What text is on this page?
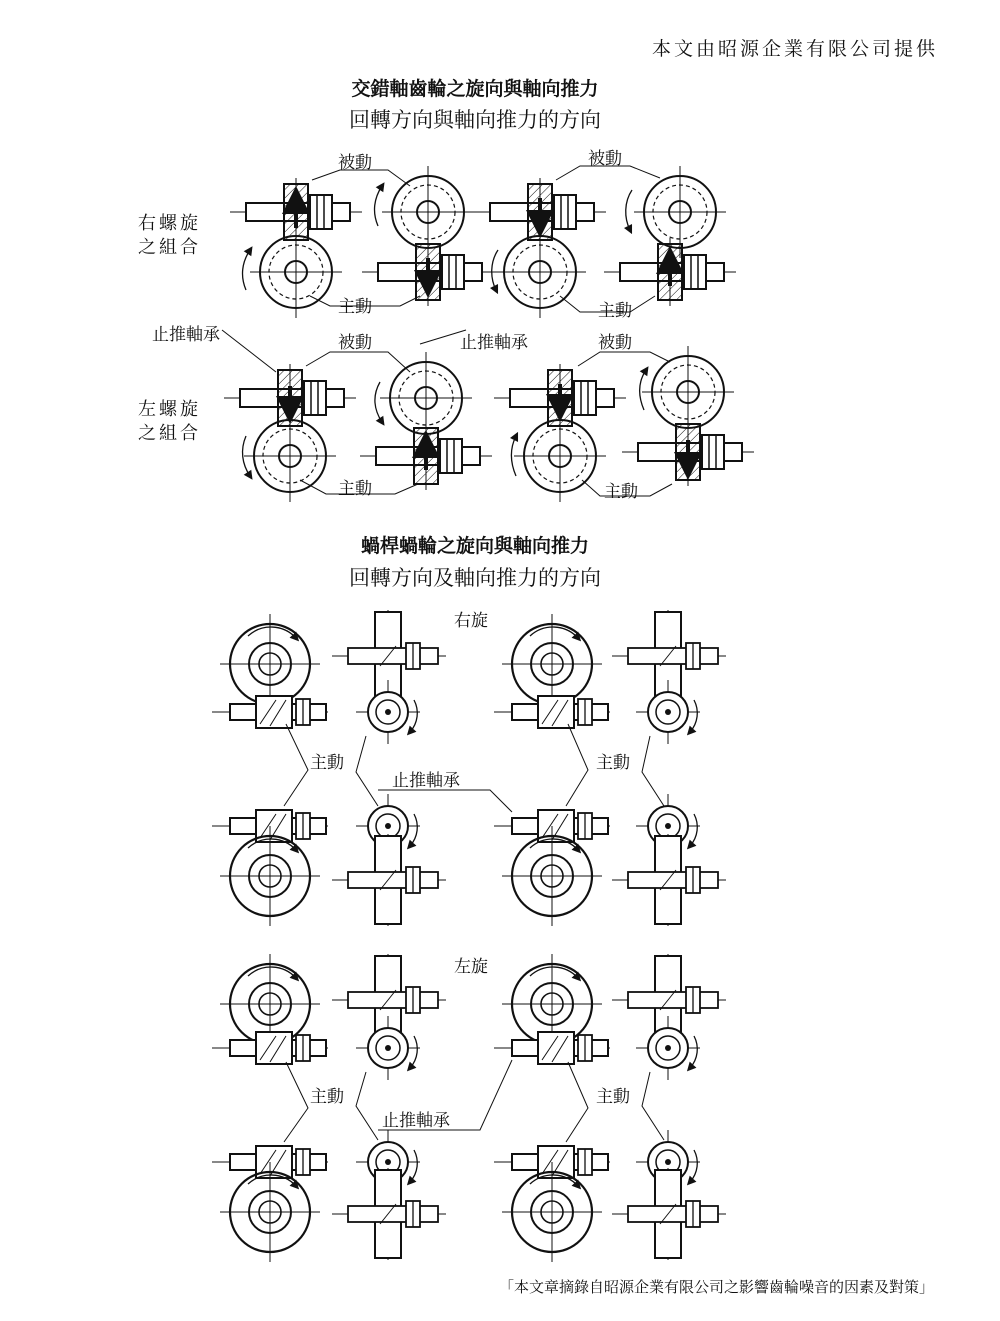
本文由昭源企業有限公司提供
交錯軸齒輪之旋向與軸向推力
回轉方向與軸向推力的方向
被動	被動
右螺旋
之組合
主動	主動
止推軸承	被動	止推軸承	被動
左螺旋
之組合
主動	主動
蝸桿蝸輪之旋向與軸向推力
回轉方向及軸向推力的方向
右旋
主動	主動
止推軸承
左旋
主動	主動
止推軸承
「本文章摘錄自昭源企業有限公司之影響齒輪噪音的因素及對策」
